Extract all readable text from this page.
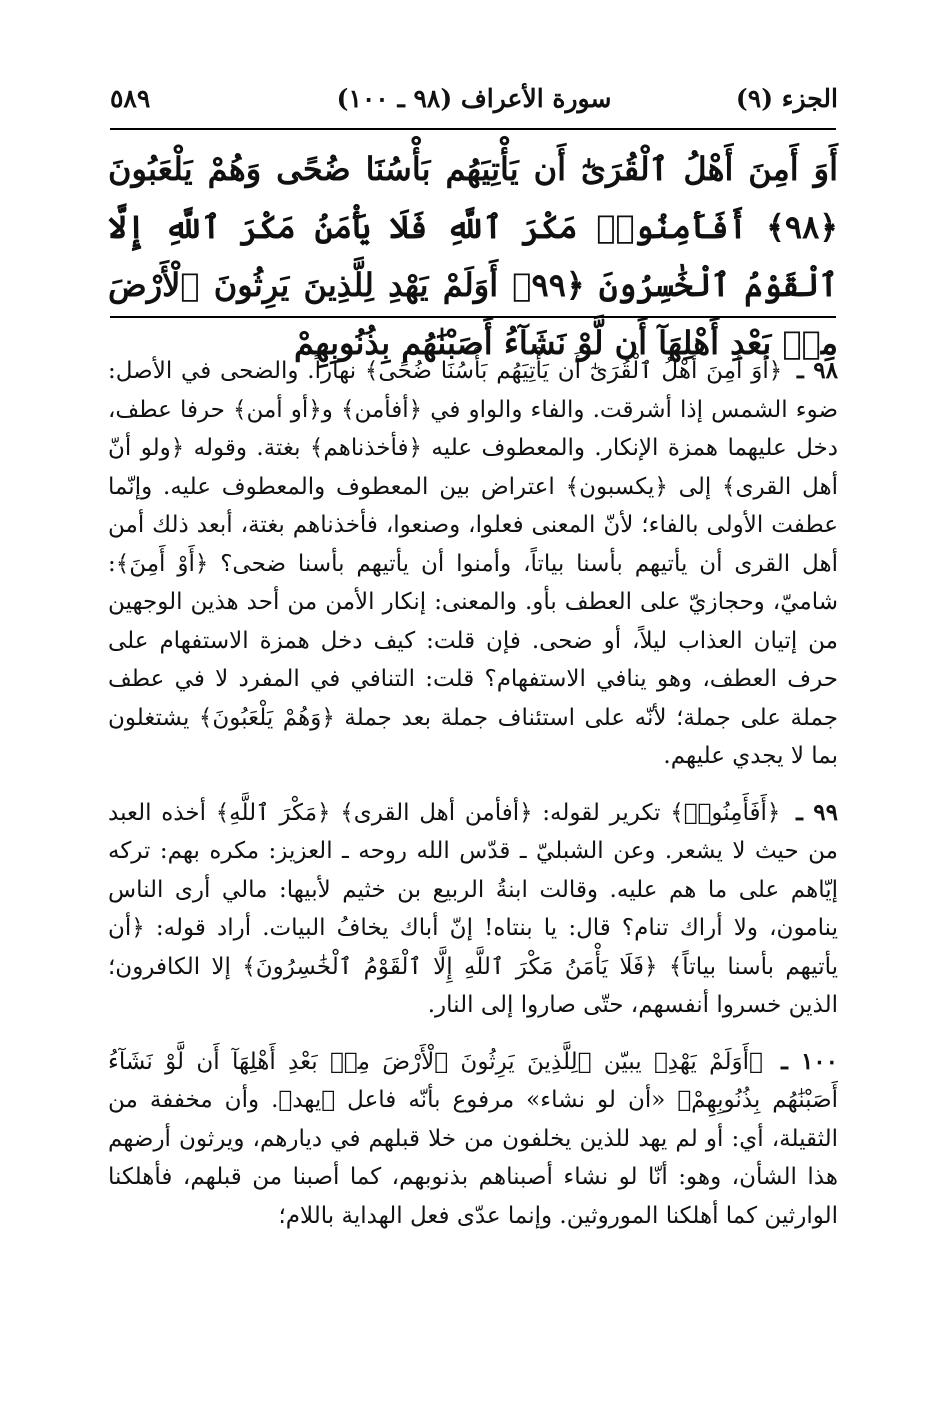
الجزء (٩)
سورة الأعراف (٩٨ ـ ١٠٠)
٥٨٩
أَوَ أَمِنَ أَهْلُ ٱلْقُرَىٰٓ أَن يَأْتِيَهُم بَأْسُنَا ضُحًى وَهُمْ يَلْعَبُونَ ﴿٩٨﴾ أَفَأَمِنُوا۟ مَكْرَ ٱللَّهِ فَلَا يَأْمَنُ مَكْرَ ٱللَّهِ إِلَّا ٱلْقَوْمُ ٱلْخَٰسِرُونَ ﴿٩٩﴾ أَوَلَمْ يَهْدِ لِلَّذِينَ يَرِثُونَ ٱلْأَرْضَ مِنۢ بَعْدِ أَهْلِهَآ أَن لَّوْ نَشَآءُ أَصَبْنَٰهُم بِذُنُوبِهِمْ

٩٨ ـ ﴿أَوَ أَمِنَ أَهْلُ ٱلْقُرَىٰٓ أَن يَأْتِيَهُم بَأْسُنَا ضُحًى﴾ نهاراً. والضحى في الأصل: ضوء الشمس إذا أشرقت. والفاء والواو في ﴿أفأمن﴾ و﴿أو أمن﴾ حرفا عطف، دخل عليهما همزة الإنكار. والمعطوف عليه ﴿فأخذناهم﴾ بغتة. وقوله ﴿ولو أنّ أهل القرى﴾ إلى ﴿يكسبون﴾ اعتراض بين المعطوف والمعطوف عليه. وإنّما عطفت الأولى بالفاء؛ لأنّ المعنى فعلوا، وصنعوا، فأخذناهم بغتة، أبعد ذلك أمن أهل القرى أن يأتيهم بأسنا بياتاً، وأمنوا أن يأتيهم بأسنا ضحى؟ ﴿أَوْ أَمِنَ﴾: شاميّ، وحجازيّ على العطف بأو. والمعنى: إنكار الأمن من أحد هذين الوجهين من إتيان العذاب ليلاً، أو ضحى. فإن قلت: كيف دخل همزة الاستفهام على حرف العطف، وهو ينافي الاستفهام؟ قلت: التنافي في المفرد لا في عطف جملة على جملة؛ لأنّه على استئناف جملة بعد جملة ﴿وَهُمْ يَلْعَبُونَ﴾ يشتغلون بما لا يجدي عليهم.

٩٩ ـ ﴿أَفَأَمِنُوا۟﴾ تكرير لقوله: ﴿أفأمن أهل القرى﴾ ﴿مَكْرَ ٱللَّهِ﴾ أخذه العبد من حيث لا يشعر. وعن الشبليّ ـ قدّس الله روحه ـ العزيز: مكره بهم: تركه إيّاهم على ما هم عليه. وقالت ابنةُ الربيع بن خثيم لأبيها: مالي أرى الناس ينامون، ولا أراك تنام؟ قال: يا بنتاه! إنّ أباك يخافُ البيات. أراد قوله: ﴿أن يأتيهم بأسنا بياتاً﴾ ﴿فَلَا يَأْمَنُ مَكْرَ ٱللَّهِ إِلَّا ٱلْقَوْمُ ٱلْخَٰسِرُونَ﴾ إلا الكافرون؛ الذين خسروا أنفسهم، حتّى صاروا إلى النار.

١٠٠ ـ ﴿أَوَلَمْ يَهْدِ﴾ يبيّن ﴿لِلَّذِينَ يَرِثُونَ ٱلْأَرْضَ مِنۢ بَعْدِ أَهْلِهَآ أَن لَّوْ نَشَآءُ أَصَبْنَٰهُم بِذُنُوبِهِمْ﴾ «أن لو نشاء» مرفوع بأنّه فاعل ﴿يهد﴾. وأن مخففة من الثقيلة، أي: أو لم يهد للذين يخلفون من خلا قبلهم في ديارهم، ويرثون أرضهم هذا الشأن، وهو: أنّا لو نشاء أصبناهم بذنوبهم، كما أصبنا من قبلهم، فأهلكنا الوارثين كما أهلكنا الموروثين. وإنما عدّى فعل الهداية باللام؛
